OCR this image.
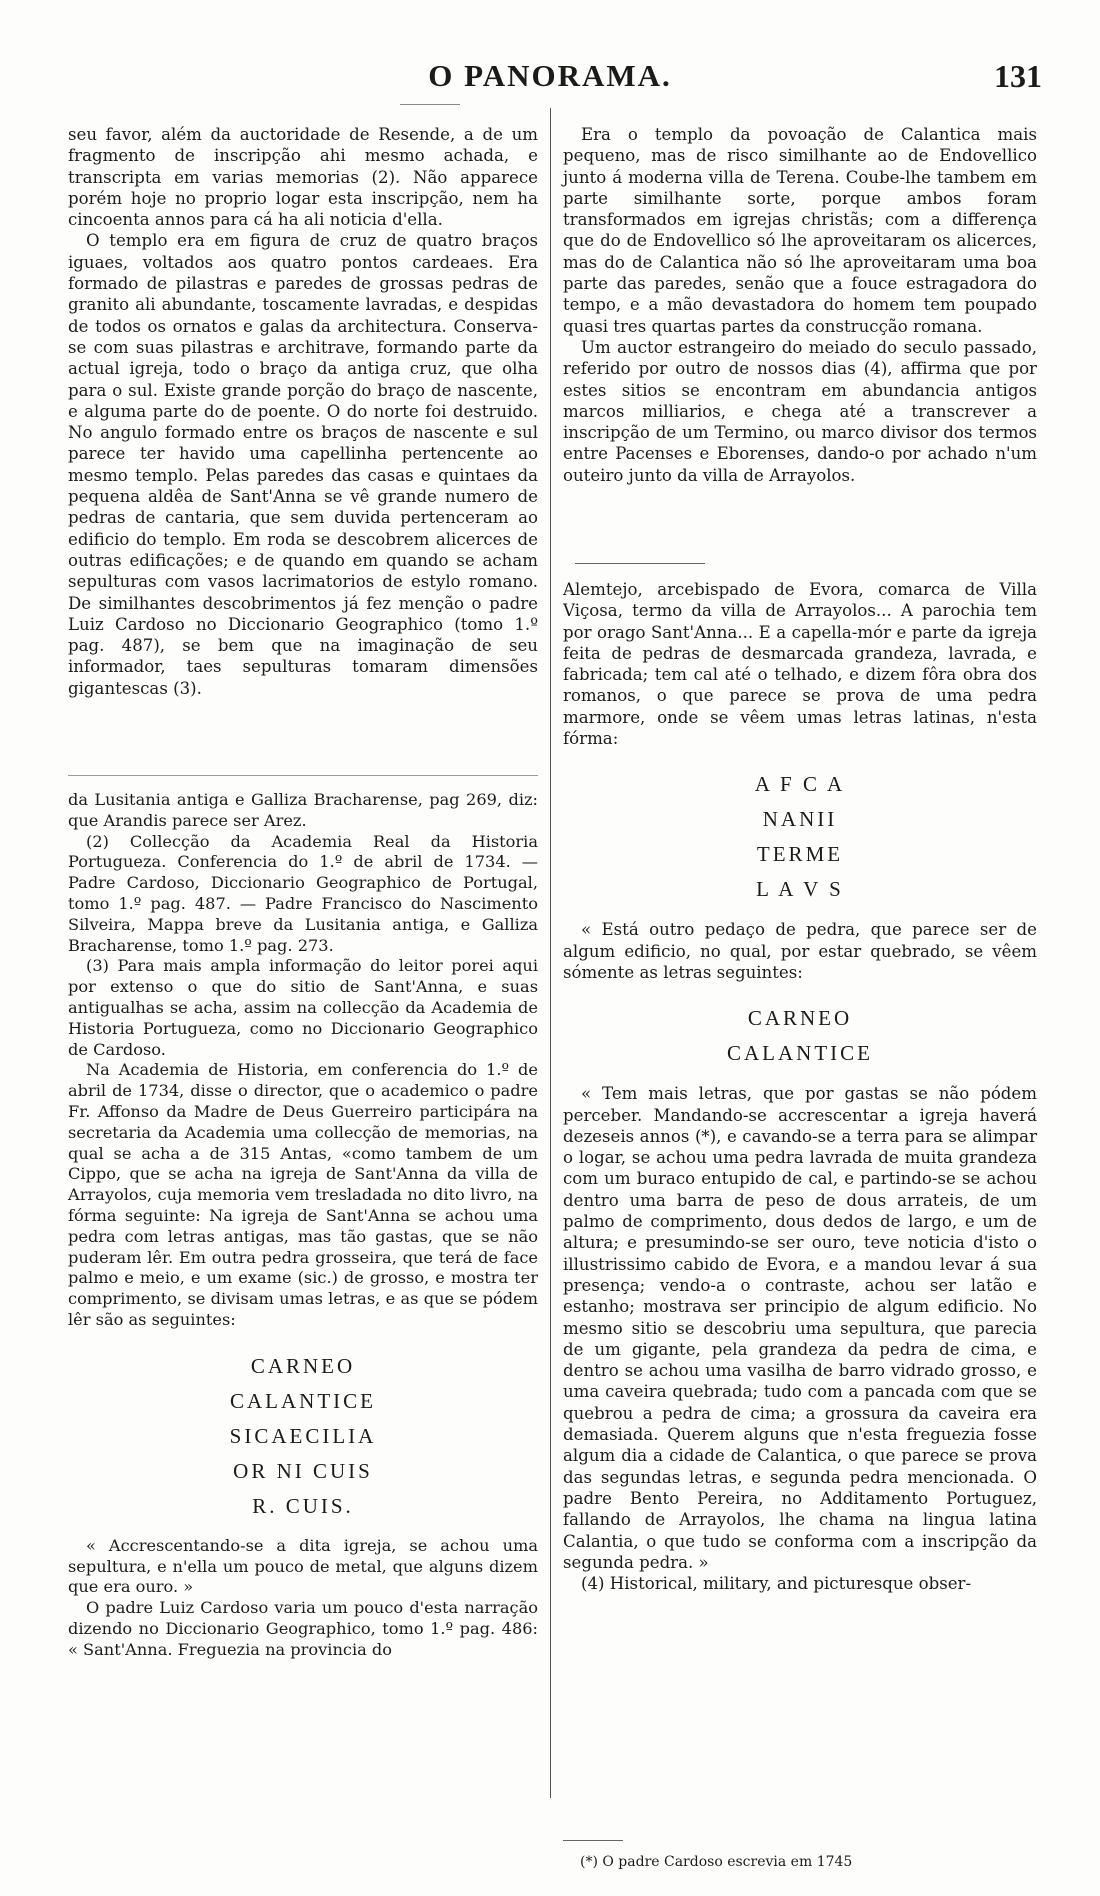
O PANORAMA.	131

seu favor, além da auctoridade de Resende, a de um fragmento de inscripção ahi mesmo achada, e transcripta em varias memorias (2). Não apparece porém hoje no proprio logar esta inscripção, nem ha cincoenta annos para cá ha ali noticia d'ella.

O templo era em figura de cruz de quatro braços iguaes, voltados aos quatro pontos cardeaes. Era formado de pilastras e paredes de grossas pedras de granito ali abundante, toscamente lavradas, e despidas de todos os ornatos e galas da architectura. Conserva-se com suas pilastras e architrave, formando parte da actual igreja, todo o braço da antiga cruz, que olha para o sul. Existe grande porção do braço de nascente, e alguma parte do de poente. O do norte foi destruido. No angulo formado entre os braços de nascente e sul parece ter havido uma capellinha pertencente ao mesmo templo. Pelas paredes das casas e quintaes da pequena aldêa de Sant'Anna se vê grande numero de pedras de cantaria, que sem duvida pertenceram ao edificio do templo. Em roda se descobrem alicerces de outras edificações; e de quando em quando se acham sepulturas com vasos lacrimatorios de estylo romano. De similhantes descobrimentos já fez menção o padre Luiz Cardoso no Diccionario Geographico (tomo 1.º pag. 487), se bem que na imaginação de seu informador, taes sepulturas tomaram dimensões gigantescas (3).

da Lusitania antiga e Galliza Bracharense, pag 269, diz: que Arandis parece ser Arez.

(2) Collecção da Academia Real da Historia Portugueza. Conferencia do 1.º de abril de 1734. — Padre Cardoso, Diccionario Geographico de Portugal, tomo 1.º pag. 487. — Padre Francisco do Nascimento Silveira, Mappa breve da Lusitania antiga, e Galliza Bracharense, tomo 1.º pag. 273.

(3) Para mais ampla informação do leitor porei aqui por extenso o que do sitio de Sant'Anna, e suas antigualhas se acha, assim na collecção da Academia de Historia Portugueza, como no Diccionario Geographico de Cardoso.

Na Academia de Historia, em conferencia do 1.º de abril de 1734, disse o director, que o academico o padre Fr. Affonso da Madre de Deus Guerreiro participára na secretaria da Academia uma collecção de memorias, na qual se acha a de 315 Antas, «como tambem de um Cippo, que se acha na igreja de Sant'Anna da villa de Arrayolos, cuja memoria vem tresladada no dito livro, na fórma seguinte: Na igreja de Sant'Anna se achou uma pedra com letras antigas, mas tão gastas, que se não puderam lêr. Em outra pedra grosseira, que terá de face palmo e meio, e um exame (sic.) de grosso, e mostra ter comprimento, se divisam umas letras, e as que se pódem lêr são as seguintes:

CARNEO
CALANTICE
SICAECILIA
OR NI CUIS
R. CUIS.

« Accrescentando-se a dita igreja, se achou uma sepultura, e n'ella um pouco de metal, que alguns dizem que era ouro. »

O padre Luiz Cardoso varia um pouco d'esta narração dizendo no Diccionario Geographico, tomo 1.º pag. 486: « Sant'Anna. Freguezia na provincia do

Era o templo da povoação de Calantica mais pequeno, mas de risco similhante ao de Endovellico junto á moderna villa de Terena. Coube-lhe tambem em parte similhante sorte, porque ambos foram transformados em igrejas christãs; com a differença que do de Endovellico só lhe aproveitaram os alicerces, mas do de Calantica não só lhe aproveitaram uma boa parte das paredes, senão que a fouce estragadora do tempo, e a mão devastadora do homem tem poupado quasi tres quartas partes da construcção romana.

Um auctor estrangeiro do meiado do seculo passado, referido por outro de nossos dias (4), affirma que por estes sitios se encontram em abundancia antigos marcos milliarios, e chega até a transcrever a inscripção de um Termino, ou marco divisor dos termos entre Pacenses e Eborenses, dando-o por achado n'um outeiro junto da villa de Arrayolos.

Alemtejo, arcebispado de Evora, comarca de Villa Viçosa, termo da villa de Arrayolos... A parochia tem por orago Sant'Anna... E a capella-mór e parte da igreja feita de pedras de desmarcada grandeza, lavrada, e fabricada; tem cal até o telhado, e dizem fôra obra dos romanos, o que parece se prova de uma pedra marmore, onde se vêem umas letras latinas, n'esta fórma:

A F C A
NANII
TERME
L A V S

« Está outro pedaço de pedra, que parece ser de algum edificio, no qual, por estar quebrado, se vêem sómente as letras seguintes:

CARNEO
CALANTICE

« Tem mais letras, que por gastas se não pódem perceber. Mandando-se accrescentar a igreja haverá dezeseis annos (*), e cavando-se a terra para se alimpar o logar, se achou uma pedra lavrada de muita grandeza com um buraco entupido de cal, e partindo-se se achou dentro uma barra de peso de dous arrateis, de um palmo de comprimento, dous dedos de largo, e um de altura; e presumindo-se ser ouro, teve noticia d'isto o illustrissimo cabido de Evora, e a mandou levar á sua presença; vendo-a o contraste, achou ser latão e estanho; mostrava ser principio de algum edificio. No mesmo sitio se descobriu uma sepultura, que parecia de um gigante, pela grandeza da pedra de cima, e dentro se achou uma vasilha de barro vidrado grosso, e uma caveira quebrada; tudo com a pancada com que se quebrou a pedra de cima; a grossura da caveira era demasiada. Querem alguns que n'esta freguezia fosse algum dia a cidade de Calantica, o que parece se prova das segundas letras, e segunda pedra mencionada. O padre Bento Pereira, no Additamento Portuguez, fallando de Arrayolos, lhe chama na lingua latina Calantia, o que tudo se conforma com a inscripção da segunda pedra. »

(4) Historical, military, and picturesque obser-

(*) O padre Cardoso escrevia em 1745
